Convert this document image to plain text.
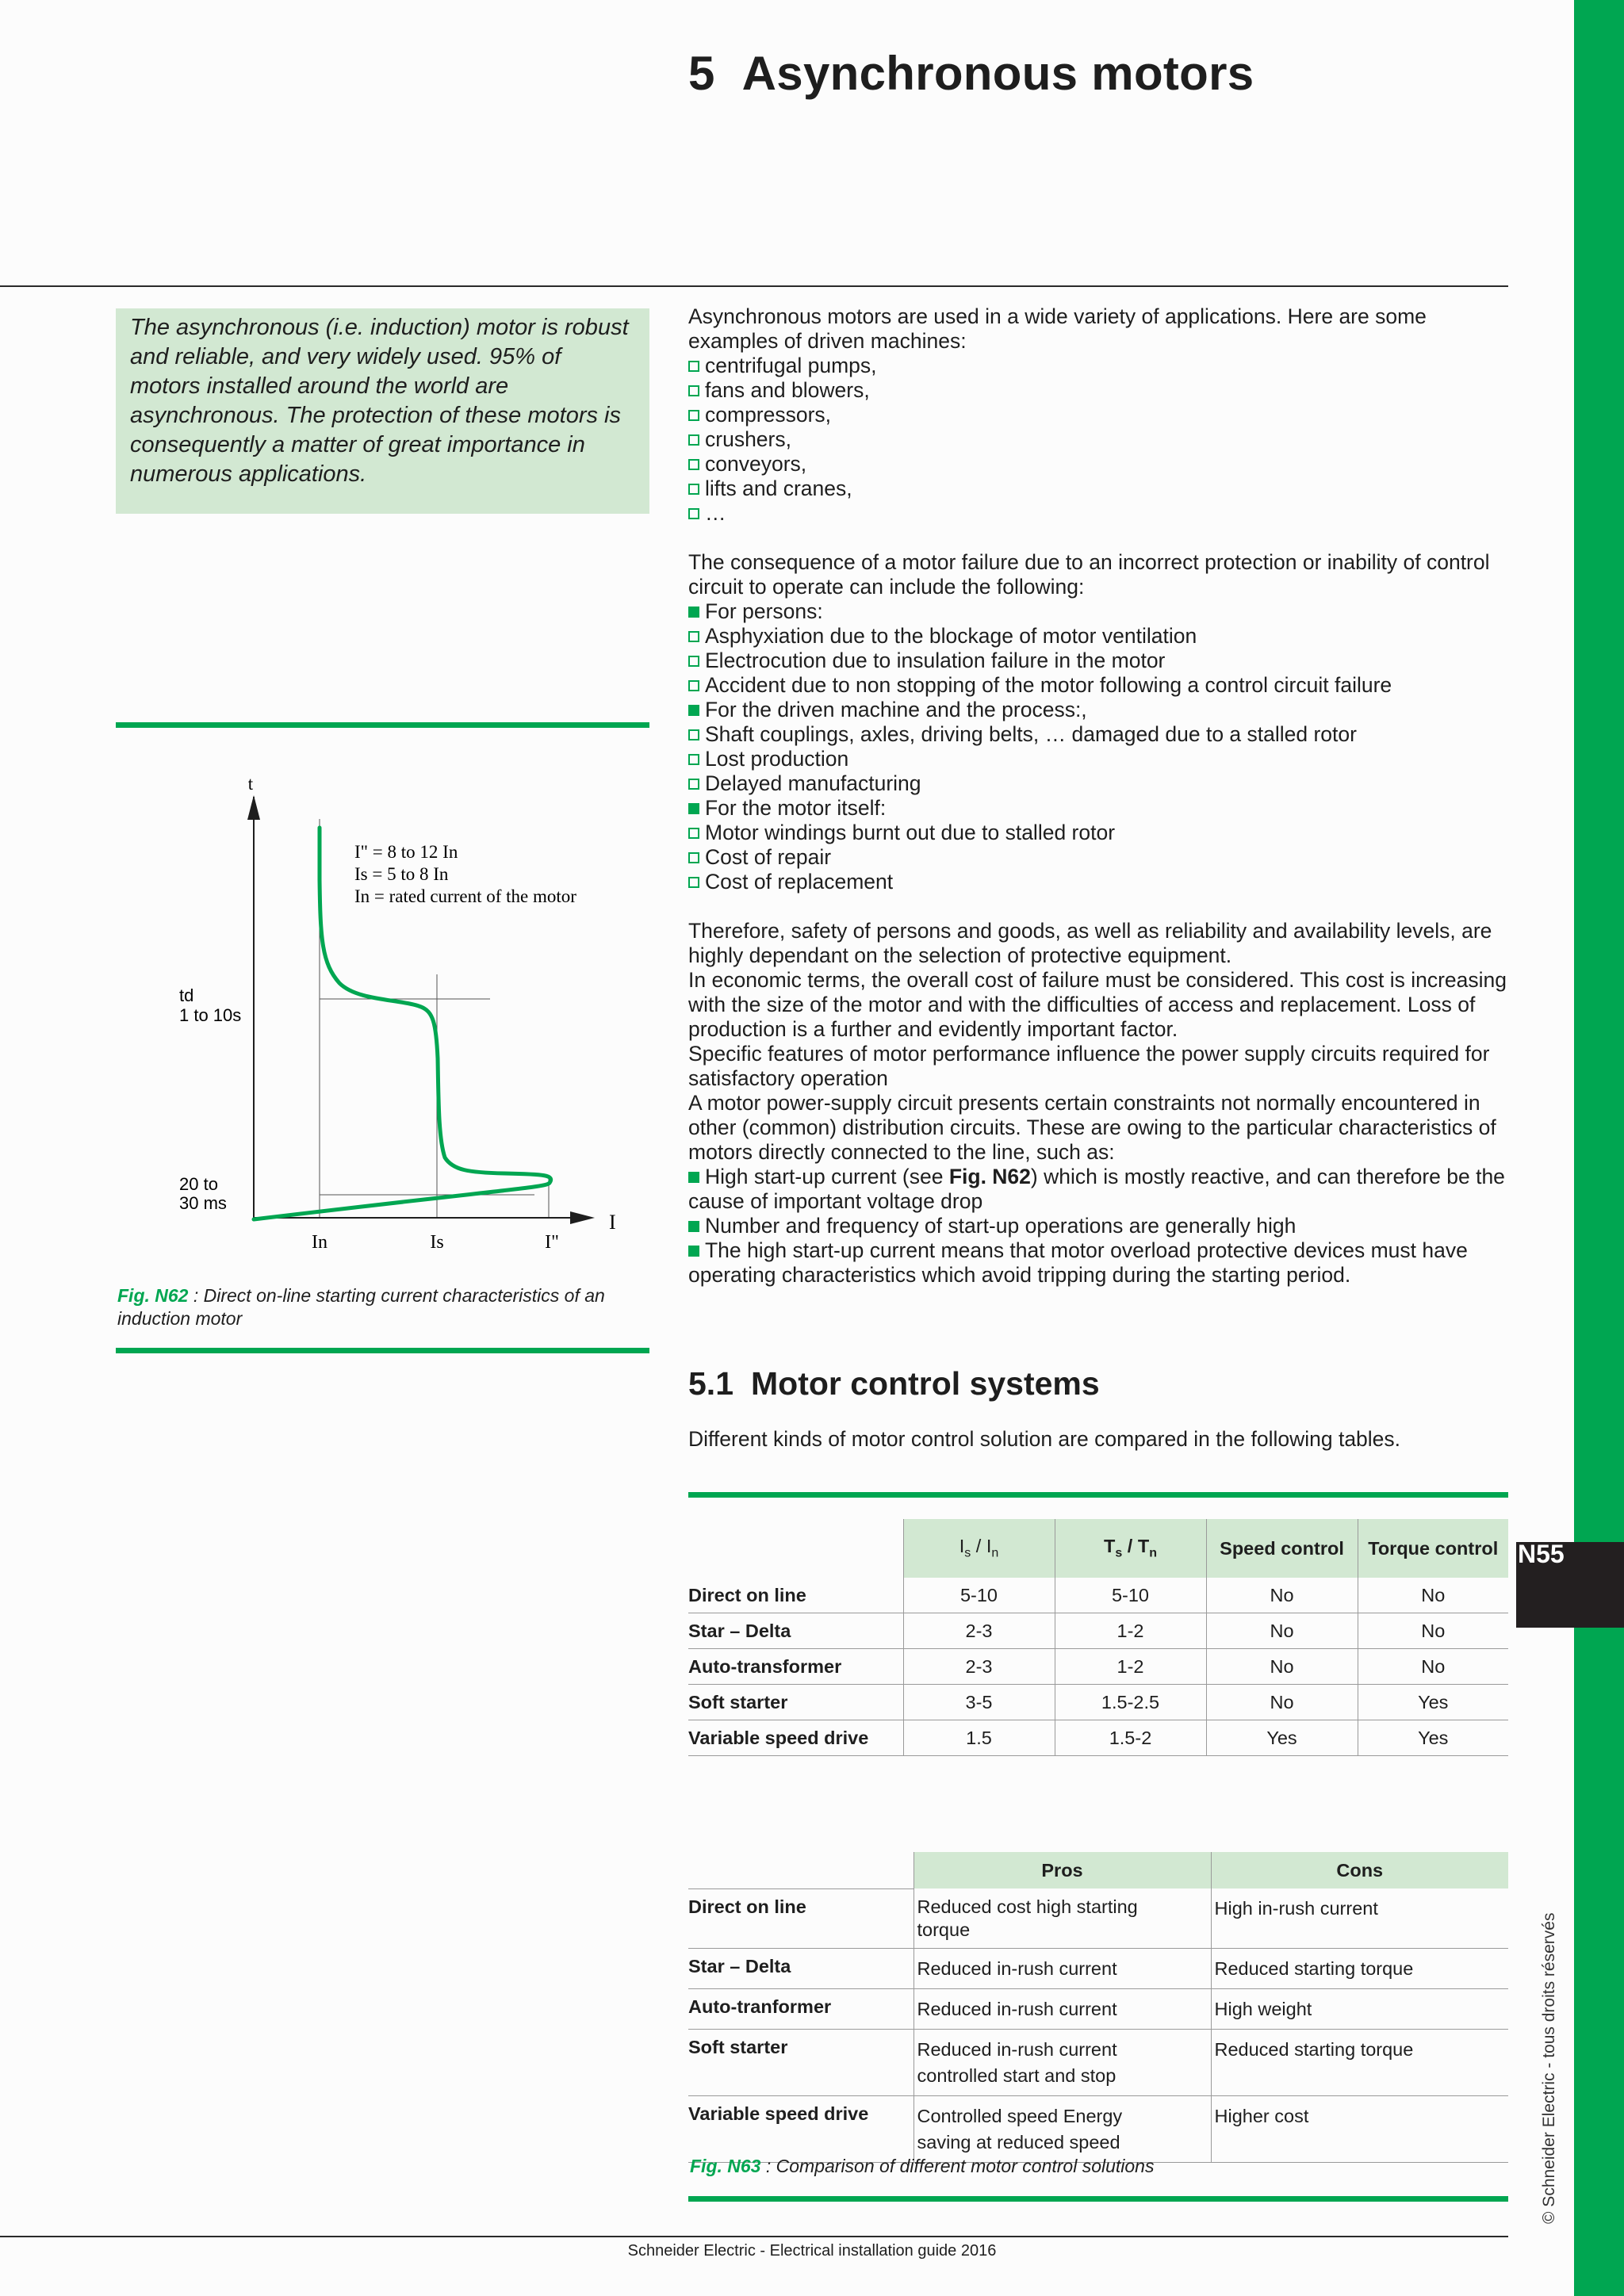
N55
© Schneider Electric - tous droits réservés
5 Asynchronous motors
The asynchronous (i.e. induction) motor is robust and reliable, and very widely used. 95% of motors installed around the world are asynchronous. The protection of these motors is consequently a matter of great importance in numerous applications.

Asynchronous motors are used in a wide variety of applications. Here are some examples of driven machines:

centrifugal pumps,
fans and blowers,
compressors,
crushers,
conveyors,
lifts and cranes,
…

The consequence of a motor failure due to an incorrect protection or inability of control circuit to operate can include the following:

For persons:
Asphyxiation due to the blockage of motor ventilation
Electrocution due to insulation failure in the motor
Accident due to non stopping of the motor following a control circuit failure
For the driven machine and the process:,
Shaft couplings, axles, driving belts, … damaged due to a stalled rotor
Lost production
Delayed manufacturing
For the motor itself:
Motor windings burnt out due to stalled rotor
Cost of repair
Cost of replacement

Therefore, safety of persons and goods, as well as reliability and availability levels, are highly dependant on the selection of protective equipment.

In economic terms, the overall cost of failure must be considered. This cost is increasing with the size of the motor and with the difficulties of access and replacement. Loss of production is a further and evidently important factor.

Specific features of motor performance influence the power supply circuits required for satisfactory operation

A motor power-supply circuit presents certain constraints not normally encountered in other (common) distribution circuits. These are owing to the particular characteristics of motors directly connected to the line, such as:

High start-up current (see Fig. N62) which is mostly reactive, and can therefore be the cause of important voltage drop

Number and frequency of start-up operations are generally high

The high start-up current means that motor overload protective devices must have operating characteristics which avoid tripping during the starting period.

t
I
I" = 8 to 12 In
Is = 5 to 8 In
In = rated current of the motor
td
1 to 10s
20 to
30 ms
In	Is	I"
Fig. N62 : Direct on-line starting current characteristics of an induction motor
5.1 Motor control systems
Different kinds of motor control solution are compared in the following tables.
	$I_s / I_n$	$T_s / T_n$	Speed control	Torque control
Direct on line	5-10	5-10	No	No
Star – Delta	2-3	1-2	No	No
Auto-transformer	2-3	1-2	No	No
Soft starter	3-5	1.5-2.5	No	Yes
Variable speed drive	1.5	1.5-2	Yes	Yes
	Pros	Cons
Direct on line	Reduced cost high starting torque	High in-rush current
Star – Delta	Reduced in-rush current	Reduced starting torque
Auto-tranformer	Reduced in-rush current	High weight
Soft starter	Reduced in-rush current controlled start and stop	Reduced starting torque
Variable speed drive	Controlled speed Energy saving at reduced speed	Higher cost
Fig. N63 : Comparison of different motor control solutions
Schneider Electric - Electrical installation guide 2016
